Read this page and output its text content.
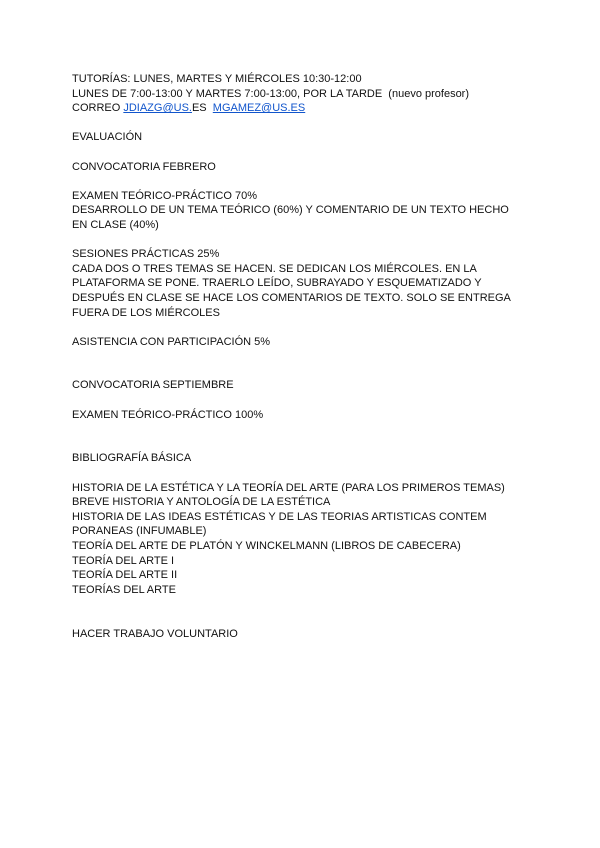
TUTORÍAS: LUNES, MARTES Y MIÉRCOLES 10:30-12:00

LUNES DE 7:00-13:00 Y MARTES 7:00-13:00, POR LA TARDE  (nuevo profesor)

CORREO JDIAZG@US.ES MGAMEZ@US.ES

EVALUACIÓN

CONVOCATORIA FEBRERO

EXAMEN TEÓRICO-PRÁCTICO 70%

DESARROLLO DE UN TEMA TEÓRICO (60%) Y COMENTARIO DE UN TEXTO HECHO EN CLASE (40%)

SESIONES PRÁCTICAS 25%

CADA DOS O TRES TEMAS SE HACEN. SE DEDICAN LOS MIÉRCOLES. EN LA PLATAFORMA SE PONE. TRAERLO LEÍDO, SUBRAYADO Y ESQUEMATIZADO Y DESPUÉS EN CLASE SE HACE LOS COMENTARIOS DE TEXTO. SOLO SE ENTREGA FUERA DE LOS MIÉRCOLES

ASISTENCIA CON PARTICIPACIÓN 5%

CONVOCATORIA SEPTIEMBRE

EXAMEN TEÓRICO-PRÁCTICO 100%

BIBLIOGRAFÍA BÁSICA

HISTORIA DE LA ESTÉTICA Y LA TEORÍA DEL ARTE (PARA LOS PRIMEROS TEMAS)

BREVE HISTORIA Y ANTOLOGÍA DE LA ESTÉTICA

HISTORIA DE LAS IDEAS ESTÉTICAS Y DE LAS TEORIAS ARTISTICAS CONTEM PORANEAS (INFUMABLE)

TEORÍA DEL ARTE DE PLATÓN Y WINCKELMANN (LIBROS DE CABECERA)

TEORÍA DEL ARTE I

TEORÍA DEL ARTE II

TEORÍAS DEL ARTE

HACER TRABAJO VOLUNTARIO
